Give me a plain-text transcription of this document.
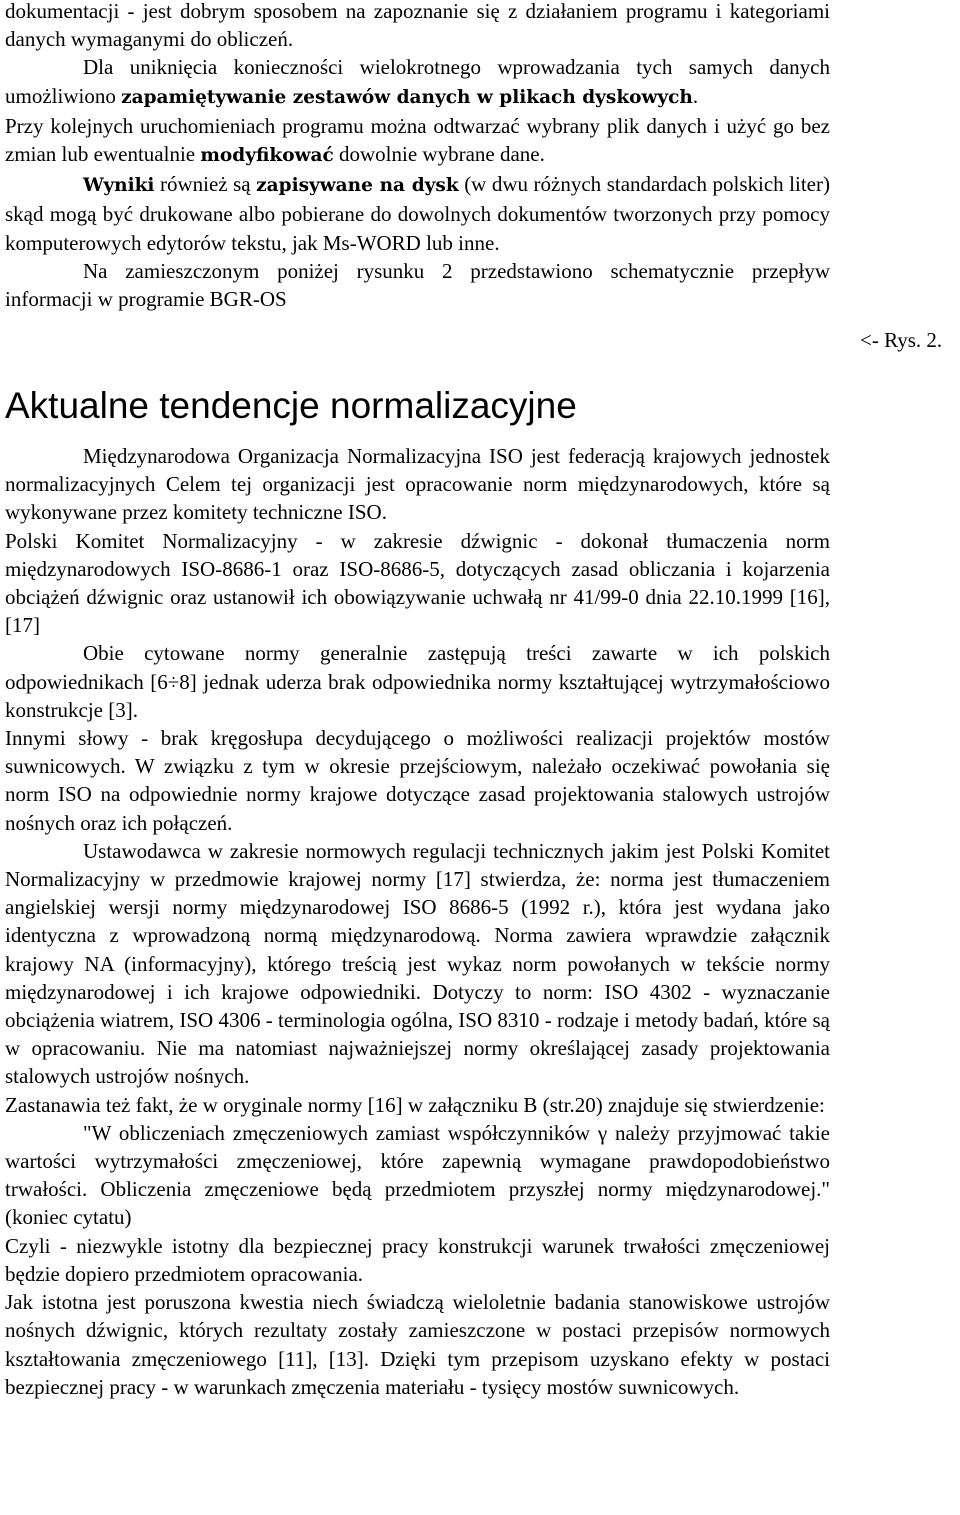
dokumentacji - jest dobrym sposobem na zapoznanie się z działaniem programu i kategoriami danych wymaganymi do obliczeń.

Dla uniknięcia konieczności wielokrotnego wprowadzania tych samych danych umożliwiono zapamiętywanie zestawów danych w plikach dyskowych.

Przy kolejnych uruchomieniach programu można odtwarzać wybrany plik danych i użyć go bez zmian lub ewentualnie modyfikować dowolnie wybrane dane.

Wyniki również są zapisywane na dysk (w dwu różnych standardach polskich liter) skąd mogą być drukowane albo pobierane do dowolnych dokumentów tworzonych przy pomocy komputerowych edytorów tekstu, jak Ms-WORD lub inne.

Na zamieszczonym poniżej rysunku 2 przedstawiono schematycznie przepływ informacji w programie BGR-OS

<- Rys. 2.
Aktualne tendencje normalizacyjne

Międzynarodowa Organizacja Normalizacyjna ISO jest federacją krajowych jednostek normalizacyjnych Celem tej organizacji jest opracowanie norm międzynarodowych, które są wykonywane przez komitety techniczne ISO.

Polski Komitet Normalizacyjny - w zakresie dźwignic - dokonał tłumaczenia norm międzynarodowych ISO-8686-1 oraz ISO-8686-5, dotyczących zasad obliczania i kojarzenia obciążeń dźwignic oraz ustanowił ich obowiązywanie uchwałą nr 41/99-0 dnia 22.10.1999 [16], [17]

Obie cytowane normy generalnie zastępują treści zawarte w ich polskich odpowiednikach [6÷8] jednak uderza brak odpowiednika normy kształtującej wytrzymałościowo konstrukcje [3].

Innymi słowy - brak kręgosłupa decydującego o możliwości realizacji projektów mostów suwnicowych. W związku z tym w okresie przejściowym, należało oczekiwać powołania się norm ISO na odpowiednie normy krajowe dotyczące zasad projektowania stalowych ustrojów nośnych oraz ich połączeń.

Ustawodawca w zakresie normowych regulacji technicznych jakim jest Polski Komitet Normalizacyjny w przedmowie krajowej normy [17] stwierdza, że: norma jest tłumaczeniem angielskiej wersji normy międzynarodowej ISO 8686-5 (1992 r.), która jest wydana jako identyczna z wprowadzoną normą międzynarodową. Norma zawiera wprawdzie załącznik krajowy NA (informacyjny), którego treścią jest wykaz norm powołanych w tekście normy międzynarodowej i ich krajowe odpowiedniki. Dotyczy to norm: ISO 4302 - wyznaczanie obciążenia wiatrem, ISO 4306 - terminologia ogólna, ISO 8310 - rodzaje i metody badań, które są w opracowaniu. Nie ma natomiast najważniejszej normy określającej zasady projektowania stalowych ustrojów nośnych.

Zastanawia też fakt, że w oryginale normy [16] w załączniku B (str.20) znajduje się stwierdzenie:

"W obliczeniach zmęczeniowych zamiast współczynników γ należy przyjmować takie wartości wytrzymałości zmęczeniowej, które zapewnią wymagane prawdopodobieństwo trwałości. Obliczenia zmęczeniowe będą przedmiotem przyszłej normy międzynarodowej." (koniec cytatu)

Czyli - niezwykle istotny dla bezpiecznej pracy konstrukcji warunek trwałości zmęczeniowej będzie dopiero przedmiotem opracowania.

Jak istotna jest poruszona kwestia niech świadczą wieloletnie badania stanowiskowe ustrojów nośnych dźwignic, których rezultaty zostały zamieszczone w postaci przepisów normowych kształtowania zmęczeniowego [11], [13]. Dzięki tym przepisom uzyskano efekty w postaci bezpiecznej pracy - w warunkach zmęczenia materiału - tysięcy mostów suwnicowych.
